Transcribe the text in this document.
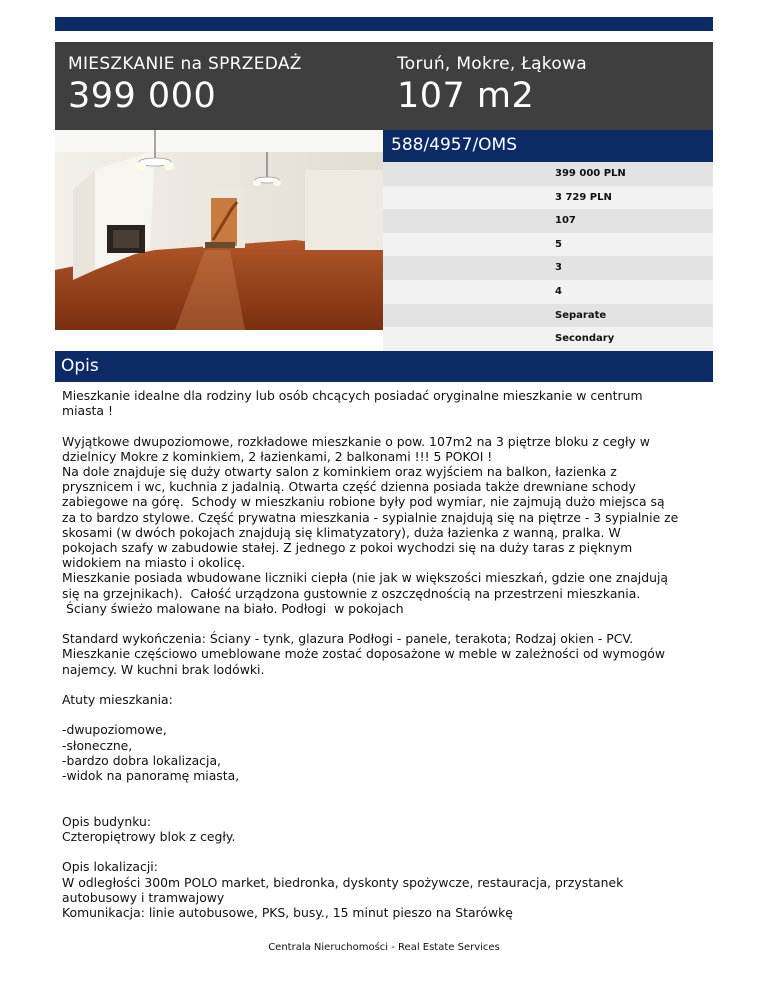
MIESZKANIE na SPRZEDAŻ
399 000
Toruń, Mokre, Łąkowa
107 m2
588/4957/OMS
399 000 PLN
3 729 PLN
107
5
3
4
Separate
Secondary
Opis
Mieszkanie idealne dla rodziny lub osób chcących posiadać oryginalne mieszkanie w centrum
miasta !

Wyjątkowe dwupoziomowe, rozkładowe mieszkanie o pow. 107m2 na 3 piętrze bloku z cegły w
dzielnicy Mokre z kominkiem, 2 łazienkami, 2 balkonami !!! 5 POKOI !
Na dole znajduje się duży otwarty salon z kominkiem oraz wyjściem na balkon, łazienka z
prysznicem i wc, kuchnia z jadalnią. Otwarta część dzienna posiada także drewniane schody
zabiegowe na górę.  Schody w mieszkaniu robione były pod wymiar, nie zajmują dużo miejsca są
za to bardzo stylowe. Część prywatna mieszkania - sypialnie znajdują się na piętrze - 3 sypialnie ze
skosami (w dwóch pokojach znajdują się klimatyzatory), duża łazienka z wanną, pralka. W
pokojach szafy w zabudowie stałej. Z jednego z pokoi wychodzi się na duży taras z pięknym
widokiem na miasto i okolicę.
Mieszkanie posiada wbudowane liczniki ciepła (nie jak w większości mieszkań, gdzie one znajdują
się na grzejnikach).  Całość urządzona gustownie z oszczędnością na przestrzeni mieszkania.
Ściany świeżo malowane na biało. Podłogi  w pokojach

Standard wykończenia: Ściany - tynk, glazura Podłogi - panele, terakota; Rodzaj okien - PCV.
Mieszkanie częściowo umeblowane może zostać doposażone w meble w zależności od wymogów
najemcy. W kuchni brak lodówki.

Atuty mieszkania:

-dwupoziomowe,
-słoneczne,
-bardzo dobra lokalizacja,
-widok na panoramę miasta,

Opis budynku:
Czteropiętrowy blok z cegły.

Opis lokalizacji:
W odległości 300m POLO market, biedronka, dyskonty spożywcze, restauracja, przystanek
autobusowy i tramwajowy
Komunikacja: linie autobusowe, PKS, busy., 15 minut pieszo na Starówkę
Centrala Nieruchomości - Real Estate Services
